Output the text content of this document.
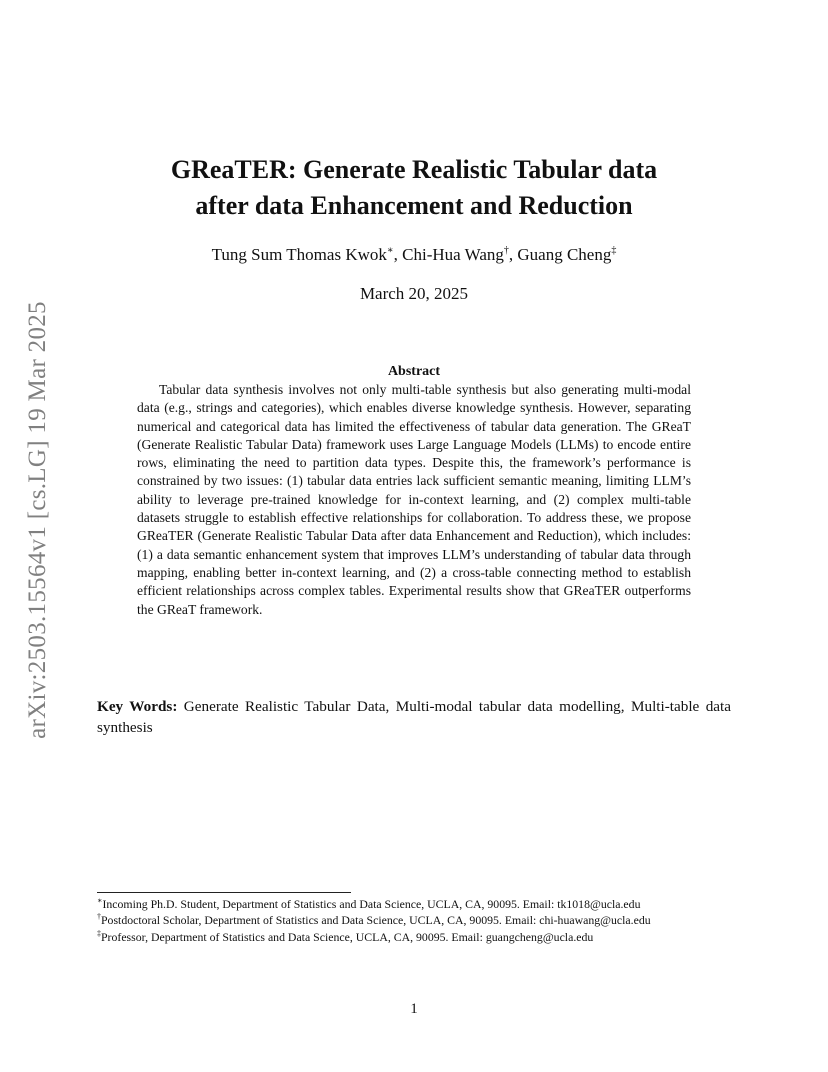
arXiv:2503.15564v1 [cs.LG] 19 Mar 2025
GReaTER: Generate Realistic Tabular data
after data Enhancement and Reduction
Tung Sum Thomas Kwok∗, Chi-Hua Wang†, Guang Cheng‡
March 20, 2025
Abstract

Tabular data synthesis involves not only multi-table synthesis but also generating multi-modal data (e.g., strings and categories), which enables diverse knowledge synthesis. However, separating numerical and categorical data has limited the effectiveness of tabular data generation. The GReaT (Generate Realistic Tabular Data) framework uses Large Language Models (LLMs) to encode entire rows, eliminating the need to partition data types. Despite this, the framework’s performance is constrained by two issues: (1) tabular data entries lack sufficient semantic meaning, limiting LLM’s ability to leverage pre-trained knowledge for in-context learning, and (2) complex multi-table datasets struggle to establish effective relationships for collaboration. To address these, we propose GReaTER (Generate Realistic Tabular Data after data Enhancement and Reduction), which includes: (1) a data semantic enhancement system that improves LLM’s understanding of tabular data through mapping, enabling better in-context learning, and (2) a cross-table connecting method to establish efficient relationships across complex tables. Experimental results show that GReaTER outperforms the GReaT framework.

Key Words: Generate Realistic Tabular Data, Multi-modal tabular data modelling, Multi-table data synthesis

∗Incoming Ph.D. Student, Department of Statistics and Data Science, UCLA, CA, 90095. Email: tk1018@ucla.edu

†Postdoctoral Scholar, Department of Statistics and Data Science, UCLA, CA, 90095. Email: chi-huawang@ucla.edu

‡Professor, Department of Statistics and Data Science, UCLA, CA, 90095. Email: guangcheng@ucla.edu

1
